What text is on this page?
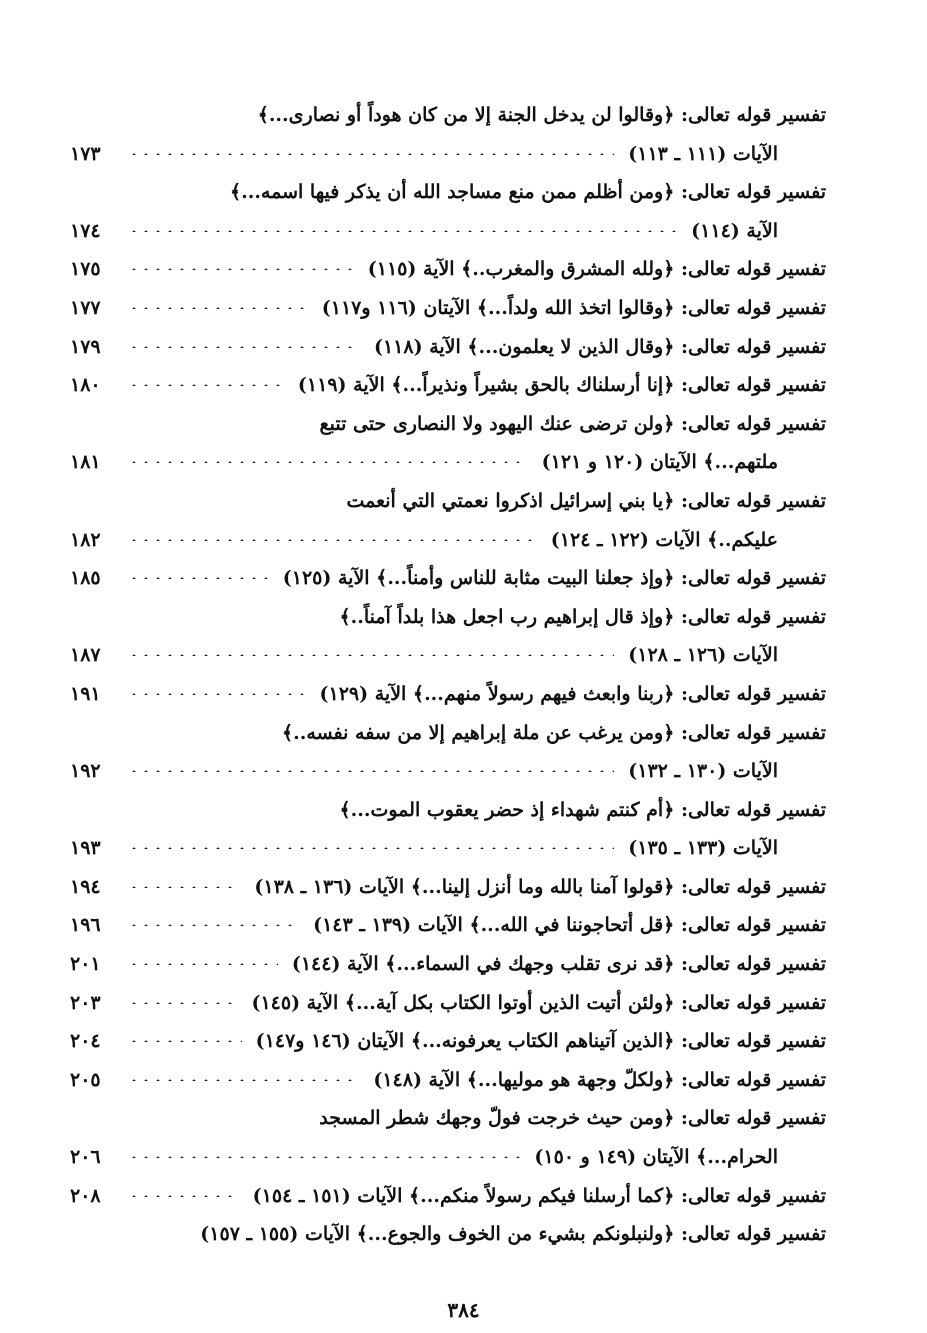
تفسير قوله تعالى: ﴿وقالوا لن يدخل الجنة إلا من كان هوداً أو نصارى...﴾
الآيات (١١١ ـ ١١٣)
١٧٣
تفسير قوله تعالى: ﴿ومن أظلم ممن منع مساجد الله أن يذكر فيها اسمه...﴾
الآية (١١٤)
١٧٤
تفسير قوله تعالى: ﴿ولله المشرق والمغرب..﴾ الآية (١١٥)
١٧٥
تفسير قوله تعالى: ﴿وقالوا اتخذ الله ولداً...﴾ الآيتان (١١٦ و١١٧)
١٧٧
تفسير قوله تعالى: ﴿وقال الذين لا يعلمون...﴾ الآية (١١٨)
١٧٩
تفسير قوله تعالى: ﴿إنا أرسلناك بالحق بشيراً ونذيراً...﴾ الآية (١١٩)
١٨٠
تفسير قوله تعالى: ﴿ولن ترضى عنك اليهود ولا النصارى حتى تتبع
ملتهم...﴾ الآيتان (١٢٠ و ١٢١)
١٨١
تفسير قوله تعالى: ﴿يا بني إسرائيل اذكروا نعمتي التي أنعمت
عليكم..﴾ الآيات (١٢٢ ـ ١٢٤)
١٨٢
تفسير قوله تعالى: ﴿وإذ جعلنا البيت مثابة للناس وأمناً...﴾ الآية (١٢٥)
١٨٥
تفسير قوله تعالى: ﴿وإذ قال إبراهيم رب اجعل هذا بلداً آمناً..﴾
الآيات (١٢٦ ـ ١٢٨)
١٨٧
تفسير قوله تعالى: ﴿ربنا وابعث فيهم رسولاً منهم...﴾ الآية (١٢٩)
١٩١
تفسير قوله تعالى: ﴿ومن يرغب عن ملة إبراهيم إلا من سفه نفسه..﴾
الآيات (١٣٠ ـ ١٣٢)
١٩٢
تفسير قوله تعالى: ﴿أم كنتم شهداء إذ حضر يعقوب الموت...﴾
الآيات (١٣٣ ـ ١٣٥)
١٩٣
تفسير قوله تعالى: ﴿قولوا آمنا بالله وما أنزل إلينا...﴾ الآيات (١٣٦ ـ ١٣٨)
١٩٤
تفسير قوله تعالى: ﴿قل أتحاجوننا في الله...﴾ الآيات (١٣٩ ـ ١٤٣)
١٩٦
تفسير قوله تعالى: ﴿قد نرى تقلب وجهك في السماء...﴾ الآية (١٤٤)
٢٠١
تفسير قوله تعالى: ﴿ولئن أتيت الذين أوتوا الكتاب بكل آية...﴾ الآية (١٤٥)
٢٠٣
تفسير قوله تعالى: ﴿الذين آتيناهم الكتاب يعرفونه...﴾ الآيتان (١٤٦ و١٤٧)
٢٠٤
تفسير قوله تعالى: ﴿ولكلّ وجهة هو موليها...﴾ الآية (١٤٨)
٢٠٥
تفسير قوله تعالى: ﴿ومن حيث خرجت فولّ وجهك شطر المسجد
الحرام...﴾ الآيتان (١٤٩ و ١٥٠)
٢٠٦
تفسير قوله تعالى: ﴿كما أرسلنا فيكم رسولاً منكم...﴾ الآيات (١٥١ ـ ١٥٤)
٢٠٨
تفسير قوله تعالى: ﴿ولنبلونكم بشيء من الخوف والجوع...﴾ الآيات (١٥٥ ـ ١٥٧)
٣٨٤
